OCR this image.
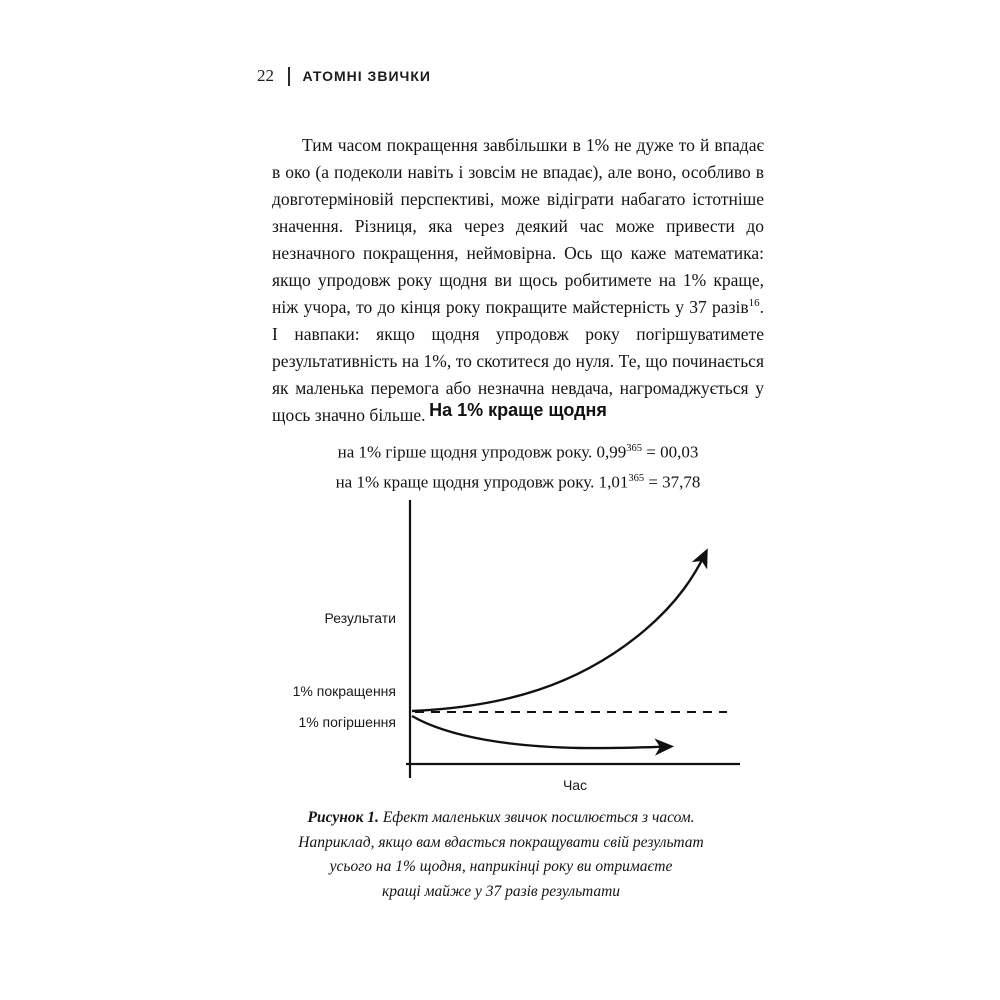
22 АТОМНІ ЗВИЧКИ

Тим часом покращення завбільшки в 1% не дуже то й впадає в око (а подеколи навіть і зовсім не впадає), але воно, особливо в довготерміновій перспективі, може відіграти набагато істотніше значення. Різниця, яка через деякий час може привести до незначного покращення, неймовірна. Ось що каже математика: якщо упродовж року щодня ви щось робитимете на 1% краще, ніж учора, то до кінця року покращите майстерність у 37 разів$^{16}$. І навпаки: якщо щодня упродовж року погіршуватимете результативність на 1%, то скотитеся до нуля. Те, що починається як маленька перемога або незначна невдача, нагромаджується у щось значно більше. На 1% краще щодня
на 1% гірше щодня упродовж року. $0,99^{365} = 00,03$
на 1% краще щодня упродовж року. $1,01^{365} = 37,78$
Результати
1% покращення
1% погіршення
Час
Рисунок 1. Ефект маленьких звичок посилюється з часом.
Наприклад, якщо вам вдасться покращувати свій результат
усього на 1% щодня, наприкінці року ви отримаєте
кращі майже у 37 разів результати
